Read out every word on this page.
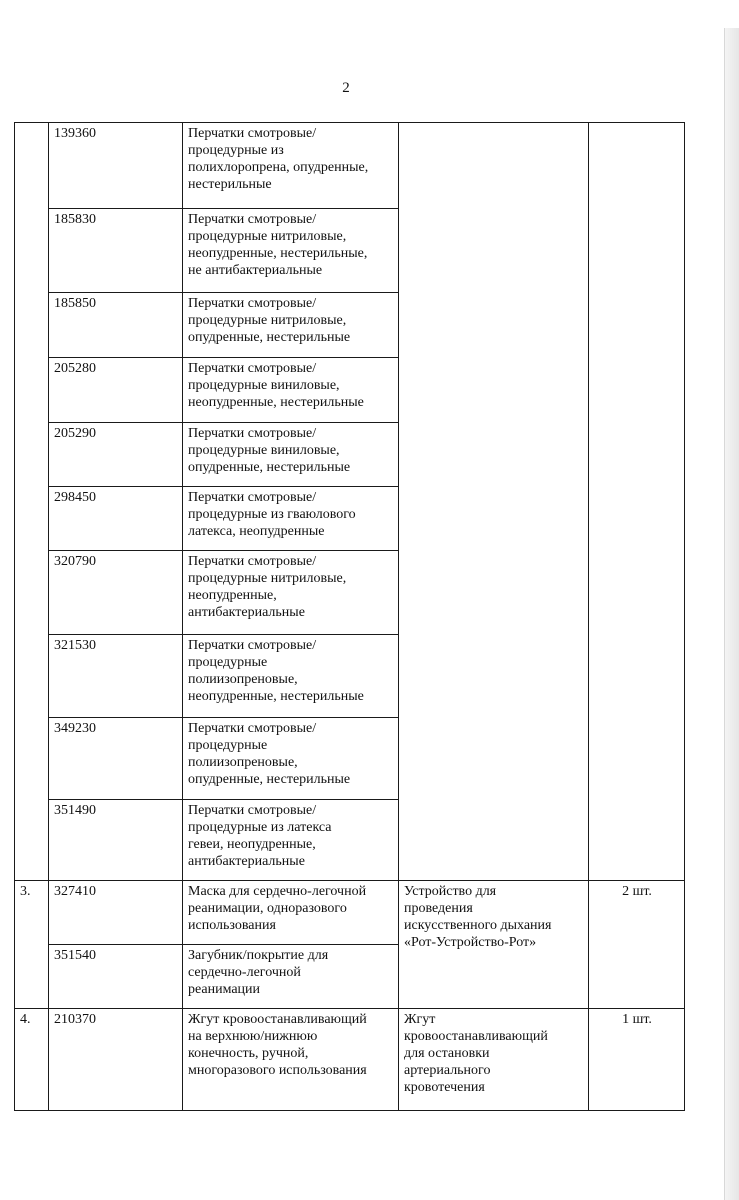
2
	139360	Перчатки смотровые/
процедурные из
полихлоропрена, опудренные,
нестерильные		

	185830	Перчатки смотровые/
процедурные нитриловые,
неопудренные, нестерильные,
не антибактериальные		

	185850	Перчатки смотровые/
процедурные нитриловые,
опудренные, нестерильные		

	205280	Перчатки смотровые/
процедурные виниловые,
неопудренные, нестерильные		

	205290	Перчатки смотровые/
процедурные виниловые,
опудренные, нестерильные		

	298450	Перчатки смотровые/
процедурные из гваюлового
латекса, неопудренные		

	320790	Перчатки смотровые/
процедурные нитриловые,
неопудренные,
антибактериальные		

	321530	Перчатки смотровые/
процедурные
полиизопреновые,
неопудренные, нестерильные		

	349230	Перчатки смотровые/
процедурные
полиизопреновые,
опудренные, нестерильные		

	351490	Перчатки смотровые/
процедурные из латекса
гевеи, неопудренные,
антибактериальные		

3.	327410	Маска для сердечно-легочной
реанимации, одноразового
использования	Устройство для
проведения
искусственного дыхания
«Рот-Устройство-Рот»	2 шт.
	351540	Загубник/покрытие для
сердечно-легочной
реанимации		

4.	210370	Жгут кровоостанавливающий
на верхнюю/нижнюю
конечность, ручной,
многоразового использования	Жгут
кровоостанавливающий
для остановки
артериального
кровотечения	1 шт.
